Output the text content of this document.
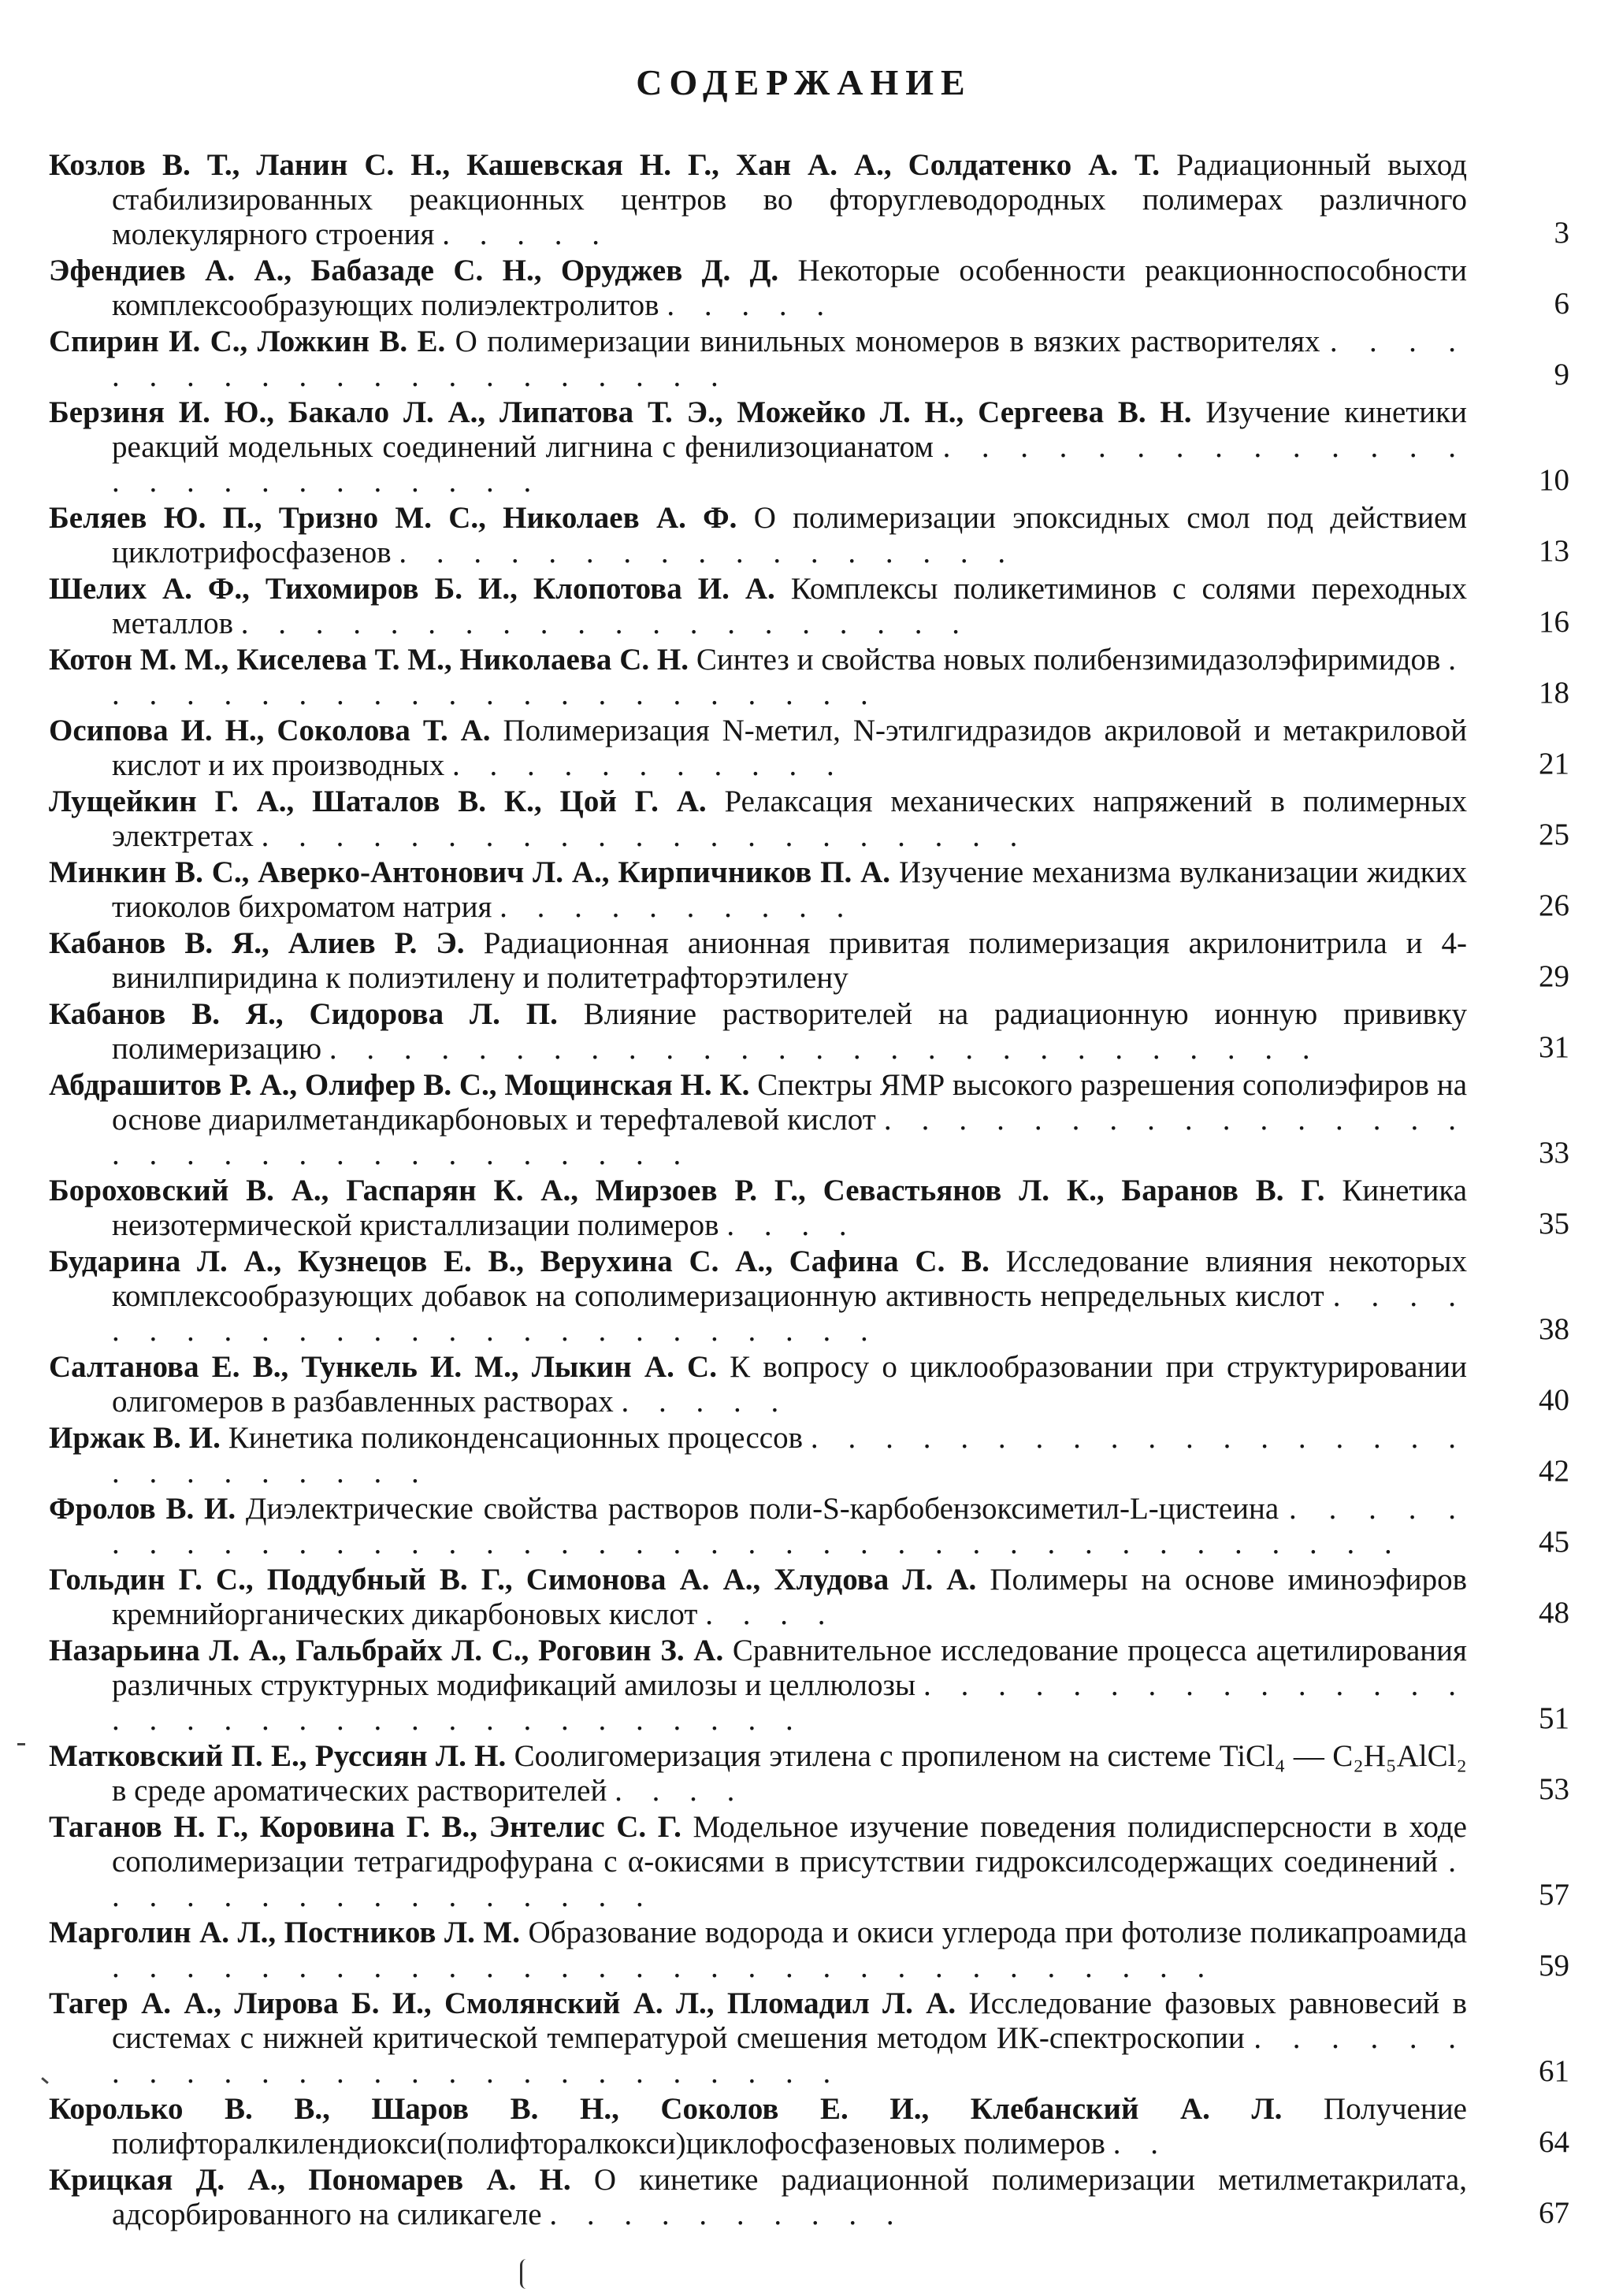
СОДЕРЖАНИЕ
Козлов В. Т., Ланин С. Н., Кашевская Н. Г., Хан А. А., Солдатенко А. Т. Радиационный выход стабилизированных реакционных центров во фторуглеводородных полимерах различного молекулярного строения . . . . .	3
Эфендиев А. А., Бабазаде С. Н., Оруджев Д. Д. Некоторые особенности реакционноспособности комплексообразующих полиэлектролитов . . . . .	6
Спирин И. С., Ложкин В. Е. О полимеризации винильных мономеров в вязких растворителях . . . . . . . . . . . . . . . . . . . . .	9
Берзиня И. Ю., Бакало Л. А., Липатова Т. Э., Можейко Л. Н., Сергеева В. Н. Изучение кинетики реакций модельных соединений лигнина с фенилизоцианатом . . . . . . . . . . . . . . . . . . . . . . . . . .	10
Беляев Ю. П., Тризно М. С., Николаев А. Ф. О полимеризации эпоксидных смол под действием циклотрифосфазенов . . . . . . . . . . . . . . . . .	13
Шелих А. Ф., Тихомиров Б. И., Клопотова И. А. Комплексы поликетиминов с солями переходных металлов . . . . . . . . . . . . . . . . . . . .	16
Котон М. М., Киселева Т. М., Николаева С. Н. Синтез и свойства новых полибензимидазолэфиримидов . . . . . . . . . . . . . . . . . . . . . .	18
Осипова И. Н., Соколова Т. А. Полимеризация N-метил, N-этилгидразидов акриловой и метакриловой кислот и их производных . . . . . . . . . . .	21
Лущейкин Г. А., Шаталов В. К., Цой Г. А. Релаксация механических напряжений в полимерных электретах . . . . . . . . . . . . . . . . . . . . .	25
Минкин В. С., Аверко-Антонович Л. А., Кирпичников П. А. Изучение механизма вулканизации жидких тиоколов бихроматом натрия . . . . . . . . . .	26
Кабанов В. Я., Алиев Р. Э. Радиационная анионная привитая полимеризация акрилонитрила и 4-винилпиридина к полиэтилену и политетрафторэтилену	29
Кабанов В. Я., Сидорова Л. П. Влияние растворителей на радиационную ионную прививку полимеризацию . . . . . . . . . . . . . . . . . . . . . . . . . . .	31
Абдрашитов Р. А., Олифер В. С., Мощинская Н. К. Спектры ЯМР высокого разрешения сополиэфиров на основе диарилметандикарбоновых и терефталевой кислот . . . . . . . . . . . . . . . . . . . . . . . . . . . . . . . .	33
Бороховский В. А., Гаспарян К. А., Мирзоев Р. Г., Севастьянов Л. К., Баранов В. Г. Кинетика неизотермической кристаллизации полимеров . . . .	35
Бударина Л. А., Кузнецов Е. В., Верухина С. А., Сафина С. В. Исследование влияния некоторых комплексообразующих добавок на сополимеризационную активность непредельных кислот . . . . . . . . . . . . . . . . . . . . . . . . .	38
Салтанова Е. В., Тункель И. М., Лыкин А. С. К вопросу о циклообразовании при структурировании олигомеров в разбавленных растворах . . . . .	40
Иржак В. И. Кинетика поликонденсационных процессов . . . . . . . . . . . . . . . . . . . . . . . . . . .	42
Фролов В. И. Диэлектрические свойства растворов поли-S-карбобензоксиметил-L-цистеина . . . . . . . . . . . . . . . . . . . . . . . . . . . . . . . . . . . . . . . .	45
Гольдин Г. С., Поддубный В. Г., Симонова А. А., Хлудова Л. А. Полимеры на основе иминоэфиров кремнийорганических дикарбоновых кислот . . . .	48
Назарьина Л. А., Гальбрайх Л. С., Роговин З. А. Сравнительное исследование процесса ацетилирования различных структурных модификаций амилозы и целлюлозы . . . . . . . . . . . . . . . . . . . . . . . . . . . . . . . . . .	51
Матковский П. Е., Руссиян Л. Н. Соолигомеризация этилена с пропиленом на системе TiCl₄ — C₂H₅AlCl₂ в среде ароматических растворителей . . . .	53
Таганов Н. Г., Коровина Г. В., Энтелис С. Г. Модельное изучение поведения полидисперсности в ходе сополимеризации тетрагидрофурана с α-окисями в присутствии гидроксилсодержащих соединений . . . . . . . . . . . . . . . .	57
Марголин А. Л., Постников Л. М. Образование водорода и окиси углерода при фотолизе поликапроамида . . . . . . . . . . . . . . . . . . . . . . . . . . . . . .	59
Тагер А. А., Лирова Б. И., Смолянский А. Л., Пломадил Л. А. Исследование фазовых равновесий в системах с нижней критической температурой смешения методом ИК-спектроскопии . . . . . . . . . . . . . . . . . . . . . . . . . .	61
Королько В. В., Шаров В. Н., Соколов Е. И., Клебанский А. Л. Получение полифторалкилендиокси(полифторалкокси)циклофосфазеновых полимеров . .	64
Крицкая Д. А., Пономарев А. Н. О кинетике радиационной полимеризации метилметакрилата, адсорбированного на силикагеле . . . . . . . . . .	67
